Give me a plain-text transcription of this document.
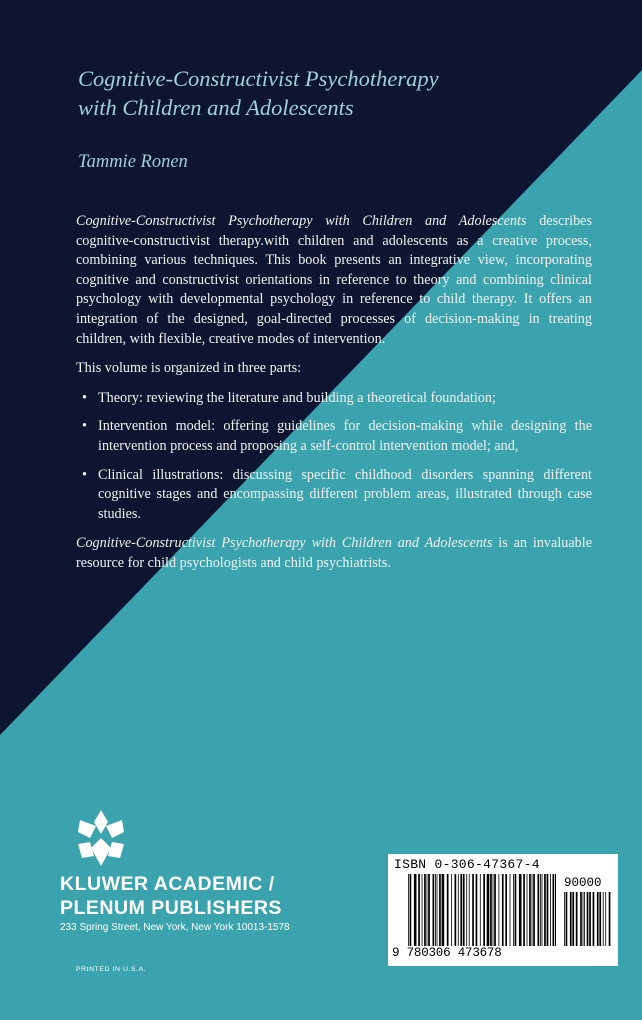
Cognitive-Constructivist Psychotherapy
with Children and Adolescents
Tammie Ronen

Cognitive-Constructivist Psychotherapy with Children and Adolescents describes cognitive-constructivist therapy.with children and adolescents as a creative process, combining various techniques. This book presents an integrative view, incorporating cognitive and constructivist orientations in reference to theory and combining clinical psychology with developmental psychology in reference to child therapy. It offers an integration of the designed, goal-directed processes of decision-making in treating children, with flexible, creative modes of intervention.

This volume is organized in three parts:

• Theory: reviewing the literature and building a theoretical foundation;
• Intervention model: offering guidelines for decision-making while designing the intervention process and proposing a self-control intervention model; and,
• Clinical illustrations: discussing specific childhood disorders spanning different cognitive stages and encompassing different problem areas, illustrated through case studies.

Cognitive-Constructivist Psychotherapy with Children and Adolescents is an invaluable resource for child psychologists and child psychiatrists.

KLUWER ACADEMIC /
PLENUM PUBLISHERS
233 Spring Street, New York, New York 10013-1578
PRINTED IN U.S.A.
ISBN 0-306-47367-4
90000
9 780306 473678
